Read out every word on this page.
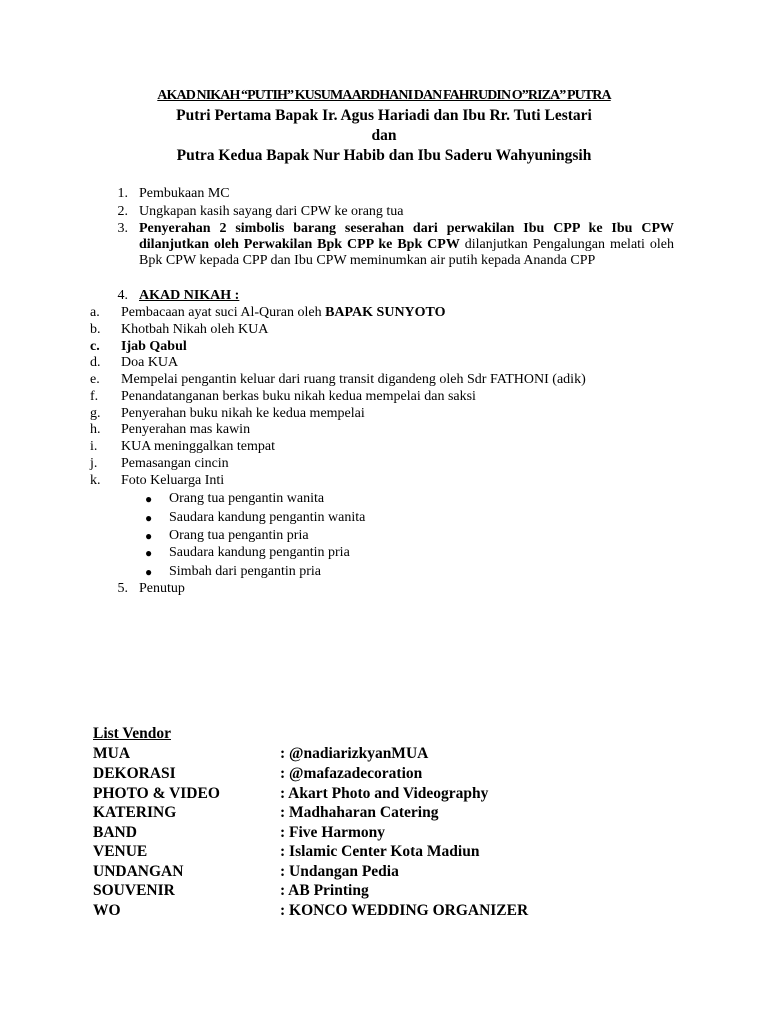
AKAD NIKAH “PUTIH” KUSUMA ARDHANI DAN FAHRUDIN O”RIZA” PUTRA
Putri Pertama Bapak Ir. Agus Hariadi dan Ibu Rr. Tuti Lestari
dan
Putra Kedua Bapak Nur Habib dan Ibu Saderu Wahyuningsih
1. Pembukaan MC
2. Ungkapan kasih sayang dari CPW ke orang tua
3. Penyerahan 2 simbolis barang seserahan dari perwakilan Ibu CPP ke Ibu CPW dilanjutkan oleh Perwakilan Bpk CPP ke Bpk CPW dilanjutkan Pengalungan melati oleh Bpk CPW kepada CPP dan Ibu CPW meminumkan air putih kepada Ananda CPP
4. AKAD NIKAH :
a.	Pembacaan ayat suci Al-Quran oleh BAPAK SUNYOTO
b.	Khotbah Nikah oleh KUA
c.	Ijab Qabul
d.	Doa KUA
e.	Mempelai pengantin keluar dari ruang transit digandeng oleh Sdr FATHONI (adik)
f.	Penandatanganan berkas buku nikah kedua mempelai dan saksi
g.	Penyerahan buku nikah ke kedua mempelai
h.	Penyerahan mas kawin
i.	KUA meninggalkan tempat
j.	Pemasangan cincin
k.	Foto Keluarga Inti
● Orang tua pengantin wanita
● Saudara kandung pengantin wanita
● Orang tua pengantin pria
● Saudara kandung pengantin pria
● Simbah dari pengantin pria
5. Penutup
List Vendor
MUA	: @nadiarizkyanMUA
DEKORASI	: @mafazadecoration
PHOTO & VIDEO	: Akart Photo and Videography
KATERING	: Madhaharan Catering
BAND	: Five Harmony
VENUE	: Islamic Center Kota Madiun
UNDANGAN	: Undangan Pedia
SOUVENIR	: AB Printing
WO	: KONCO WEDDING ORGANIZER
